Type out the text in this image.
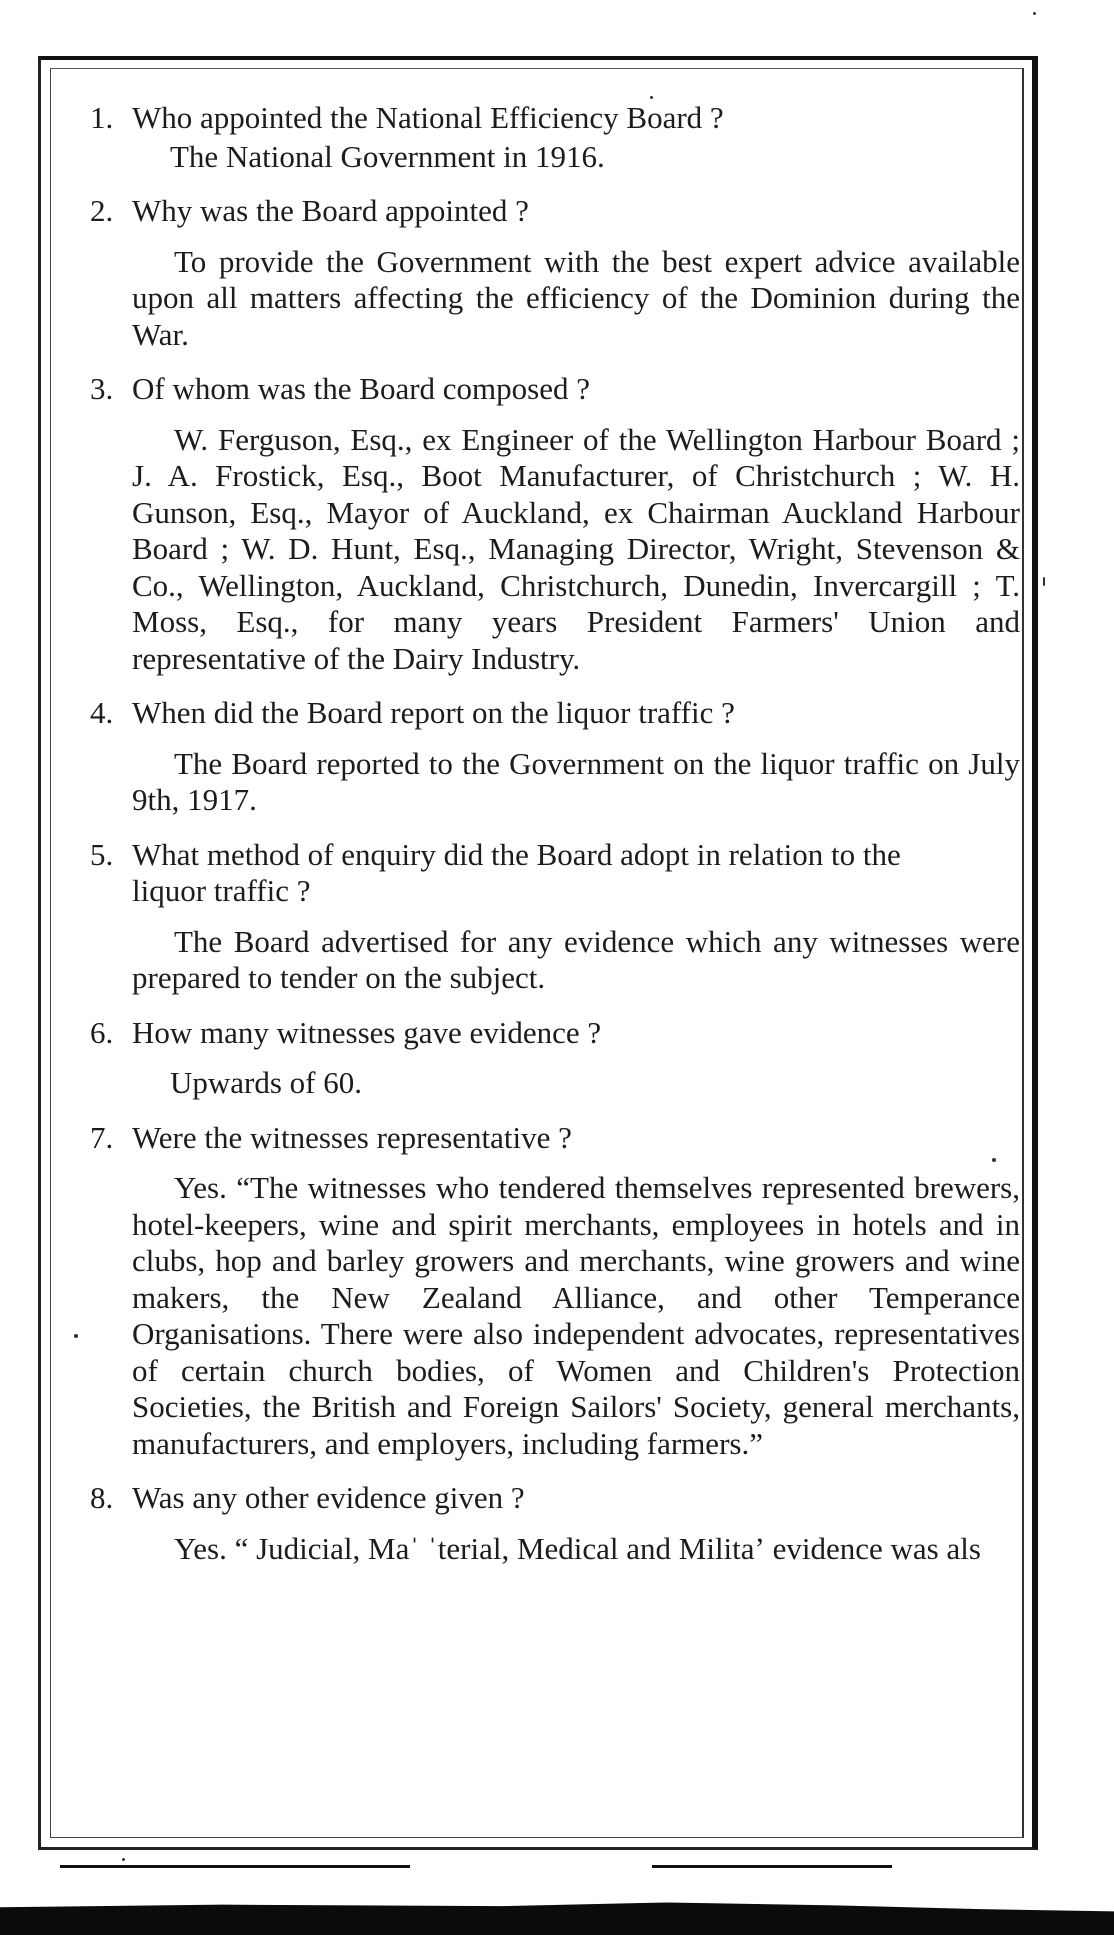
1. Who appointed the National Efficiency Board ?

The National Government in 1916.

2. Why was the Board appointed ?

To provide the Government with the best expert advice available upon all matters affecting the efficiency of the Dominion during the War.

3. Of whom was the Board composed ?

W. Ferguson, Esq., ex Engineer of the Wellington Harbour Board ; J. A. Frostick, Esq., Boot Manufacturer, of Christchurch ; W. H. Gunson, Esq., Mayor of Auckland, ex Chairman Auckland Harbour Board ; W. D. Hunt, Esq., Managing Director, Wright, Stevenson & Co., Wellington, Auckland, Christchurch, Dunedin, Invercargill ; T. Moss, Esq., for many years President Farmers' Union and representative of the Dairy Industry.

4. When did the Board report on the liquor traffic ?

The Board reported to the Government on the liquor traffic on July 9th, 1917.

5. What method of enquiry did the Board adopt in relation to the liquor traffic ?

The Board advertised for any evidence which any witnesses were prepared to tender on the subject.

6. How many witnesses gave evidence ?

Upwards of 60.

7. Were the witnesses representative ?

Yes. “The witnesses who tendered themselves represented brewers, hotel-keepers, wine and spirit merchants, employees in hotels and in clubs, hop and barley growers and merchants, wine growers and wine makers, the New Zealand Alliance, and other Temperance Organisations. There were also independent advocates, representatives of certain church bodies, of Women and Children's Protection Societies, the British and Foreign Sailors' Society, general merchants, manufacturers, and employers, including farmers.”

8. Was any other evidence given ?

Yes. “ Judicial, Maˈ ˈterial, Medical and Militaʼ evidence was als
